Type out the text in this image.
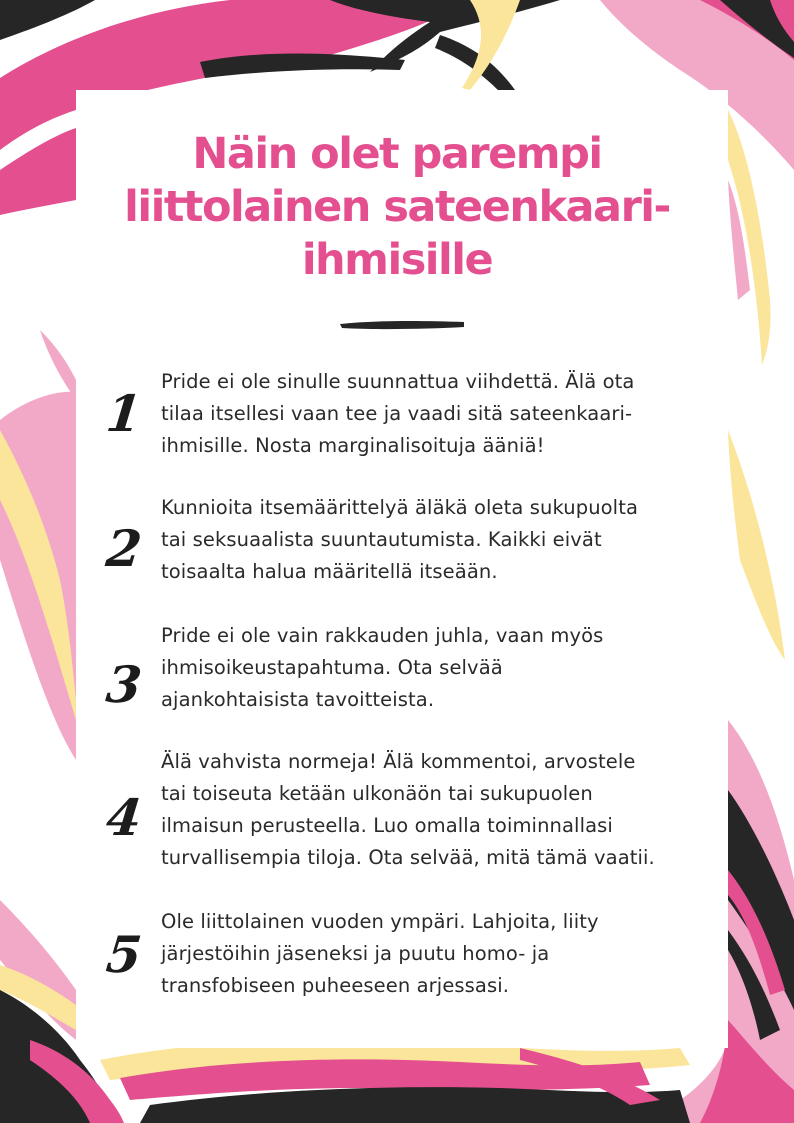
Näin olet parempi
liittolainen sateenkaari-
ihmisille
1

Pride ei ole sinulle suunnattua viihdettä. Älä ota
tilaa itsellesi vaan tee ja vaadi sitä sateenkaari-
ihmisille. Nosta marginalisoituja ääniä!

2

Kunnioita itsemäärittelyä äläkä oleta sukupuolta
tai seksuaalista suuntautumista. Kaikki eivät
toisaalta halua määritellä itseään.

3

Pride ei ole vain rakkauden juhla, vaan myös
ihmisoikeustapahtuma. Ota selvää
ajankohtaisista tavoitteista.

4

Älä vahvista normeja! Älä kommentoi, arvostele
tai toiseuta ketään ulkonäön tai sukupuolen
ilmaisun perusteella. Luo omalla toiminnallasi
turvallisempia tiloja. Ota selvää, mitä tämä vaatii.

5

Ole liittolainen vuoden ympäri. Lahjoita, liity
järjestöihin jäseneksi ja puutu homo- ja
transfobiseen puheeseen arjessasi.
